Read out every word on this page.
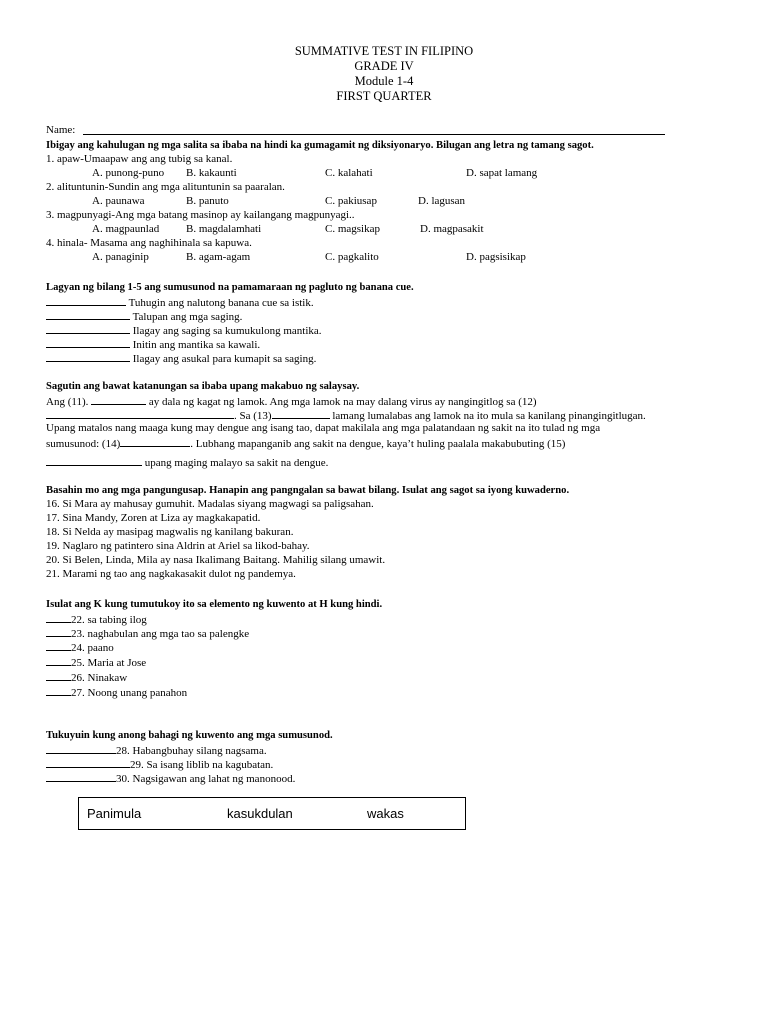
SUMMATIVE TEST IN FILIPINO
GRADE IV
Module 1-4
FIRST QUARTER
Name:
Ibigay ang kahulugan ng mga salita sa ibaba na hindi ka gumagamit ng diksiyonaryo. Bilugan ang letra ng tamang sagot.
1. apaw-Umaapaw ang ang tubig sa kanal.
A. punong-puno B. kakaunti	C. kalahati	D. sapat lamang
2. alituntunin-Sundin ang mga alituntunin sa paaralan.
A. paunawa	B. panuto	C. pakiusap	D. lagusan
3. magpunyagi-Ang mga batang masinop ay kailangang magpunyagi..
A. magpaunlad B. magdalamhati	C. magsikap	D. magpasakit
4. hinala- Masama ang naghihinala sa kapuwa.
A. panaginip	B. agam-agam	C. pagkalito	D. pagsisikap
Lagyan ng bilang 1-5 ang sumusunod na pamamaraan ng pagluto ng banana cue.
Tuhugin ang nalutong banana cue sa istik.
Talupan ang mga saging.
Ilagay ang saging sa kumukulong mantika.
Initin ang mantika sa kawali.
Ilagay ang asukal para kumapit sa saging.
Sagutin ang bawat katanungan sa ibaba upang makabuo ng salaysay.
Ang (11).	ay dala ng kagat ng lamok. Ang mga lamok na may dalang virus ay nangingitlog sa (12)
. Sa (13)	lamang lumalabas ang lamok na ito mula sa kanilang pinangingitlugan.
Upang matalos nang maaga kung may dengue ang isang tao, dapat makilala ang mga palatandaan ng sakit na ito tulad ng mga
sumusunod: (14)	. Lubhang mapanganib ang sakit na dengue, kaya’t huling paalala makabubuting (15)
upang maging malayo sa sakit na dengue.
Basahin mo ang mga pangungusap. Hanapin ang pangngalan sa bawat bilang. Isulat ang sagot sa iyong kuwaderno.
16. Si Mara ay mahusay gumuhit. Madalas siyang magwagi sa paligsahan.
17. Sina Mandy, Zoren at Liza ay magkakapatid.
18. Si Nelda ay masipag magwalis ng kanilang bakuran.
19. Naglaro ng patintero sina Aldrin at Ariel sa likod-bahay.
20. Si Belen, Linda, Mila ay nasa Ikalimang Baitang. Mahilig silang umawit.
21. Marami ng tao ang nagkakasakit dulot ng pandemya.
Isulat ang K kung tumutukoy ito sa elemento ng kuwento at H kung hindi.
22. sa tabing ilog
23. naghabulan ang mga tao sa palengke
24. paano
25. Maria at Jose
26. Ninakaw
27. Noong unang panahon
Tukuyuin kung anong bahagi ng kuwento ang mga sumusunod.
28. Habangbuhay silang nagsama.
29. Sa isang liblib na kagubatan.
30. Nagsigawan ang lahat ng manonood.
Panimula	kasukdulan	wakas
